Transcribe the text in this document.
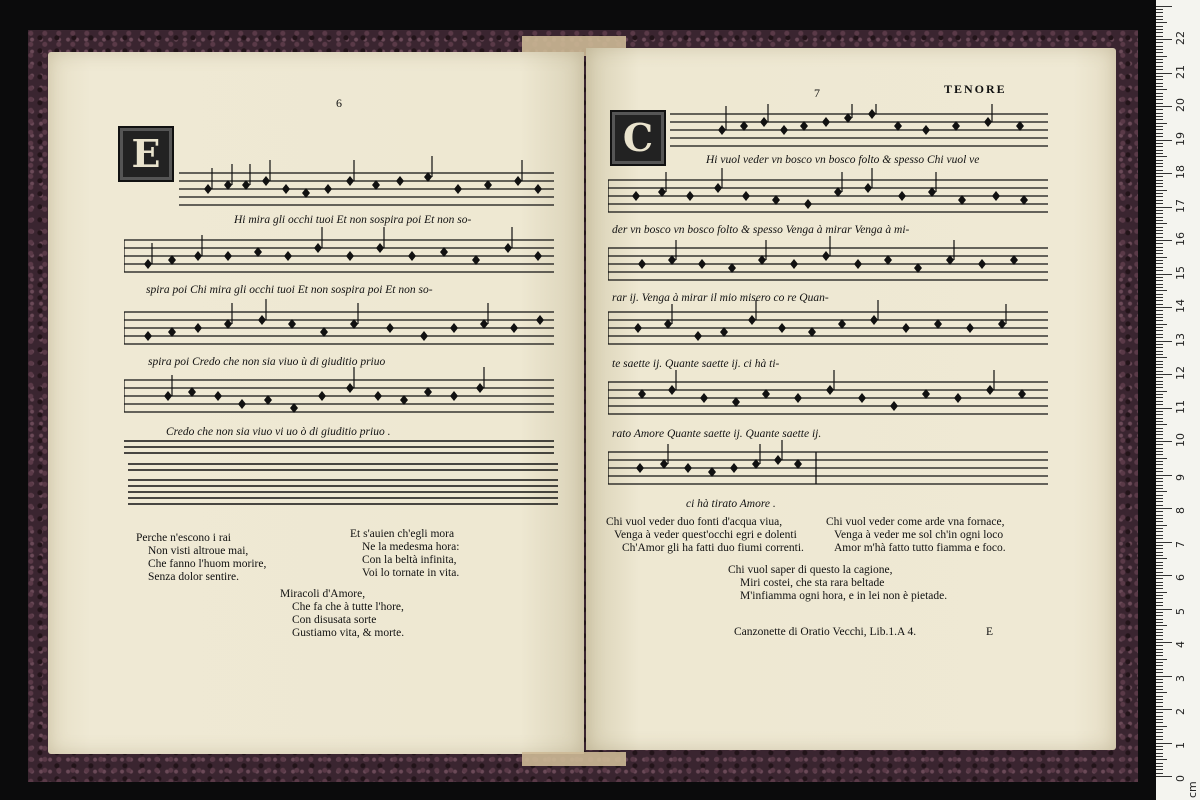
6
E
Hi mira gli occhi tuoi Et non sospira poi Et non so-
spira poi Chi mira gli occhi tuoi Et non sospira poi Et non so-
spira poi Credo che non sia viuo ù di giuditio priuo
Credo che non sia viuo vi uo ò di giuditio priuo .
Perche n'escono i rai
Non visti altroue mai,
Che fanno l'huom morire,
Senza dolor sentire.
Et s'auien ch'egli mora
Ne la medesma hora:
Con la beltà infinita,
Voi lo tornate in vita.
Miracoli d'Amore,
Che fa che à tutte l'hore,
Con disusata sorte
Gustiamo vita, & morte.
7	TENORE
C	Hi vuol veder vn bosco vn bosco folto & spesso Chi vuol ve
der vn bosco vn bosco folto & spesso Venga à mirar Venga à mi-
rar ij. Venga à mirar il mio misero co re Quan-
te saette ij. Quante saette ij. ci hà ti-
rato Amore Quante saette ij. Quante saette ij.
ci hà tirato Amore .
Chi vuol veder duo fonti d'acqua viua,
Venga à veder quest'occhi egri e dolenti
Ch'Amor gli ha fatti duo fiumi correnti.
Chi vuol veder come arde vna fornace,
Venga à veder me sol ch'in ogni loco
Amor m'hà fatto tutto fiamma e foco.
Chi vuol saper di questo la cagione,
Miri costei, che sta rara beltade
M'infiamma ogni hora, e in lei non è pietade.
Canzonette di Oratio Vecchi, Lib.1.A 4.	E
0
1
2
3
4
5
6
7
8
9
10
11
12
13
14
15
16
17
18
19
20
21
22
cm
